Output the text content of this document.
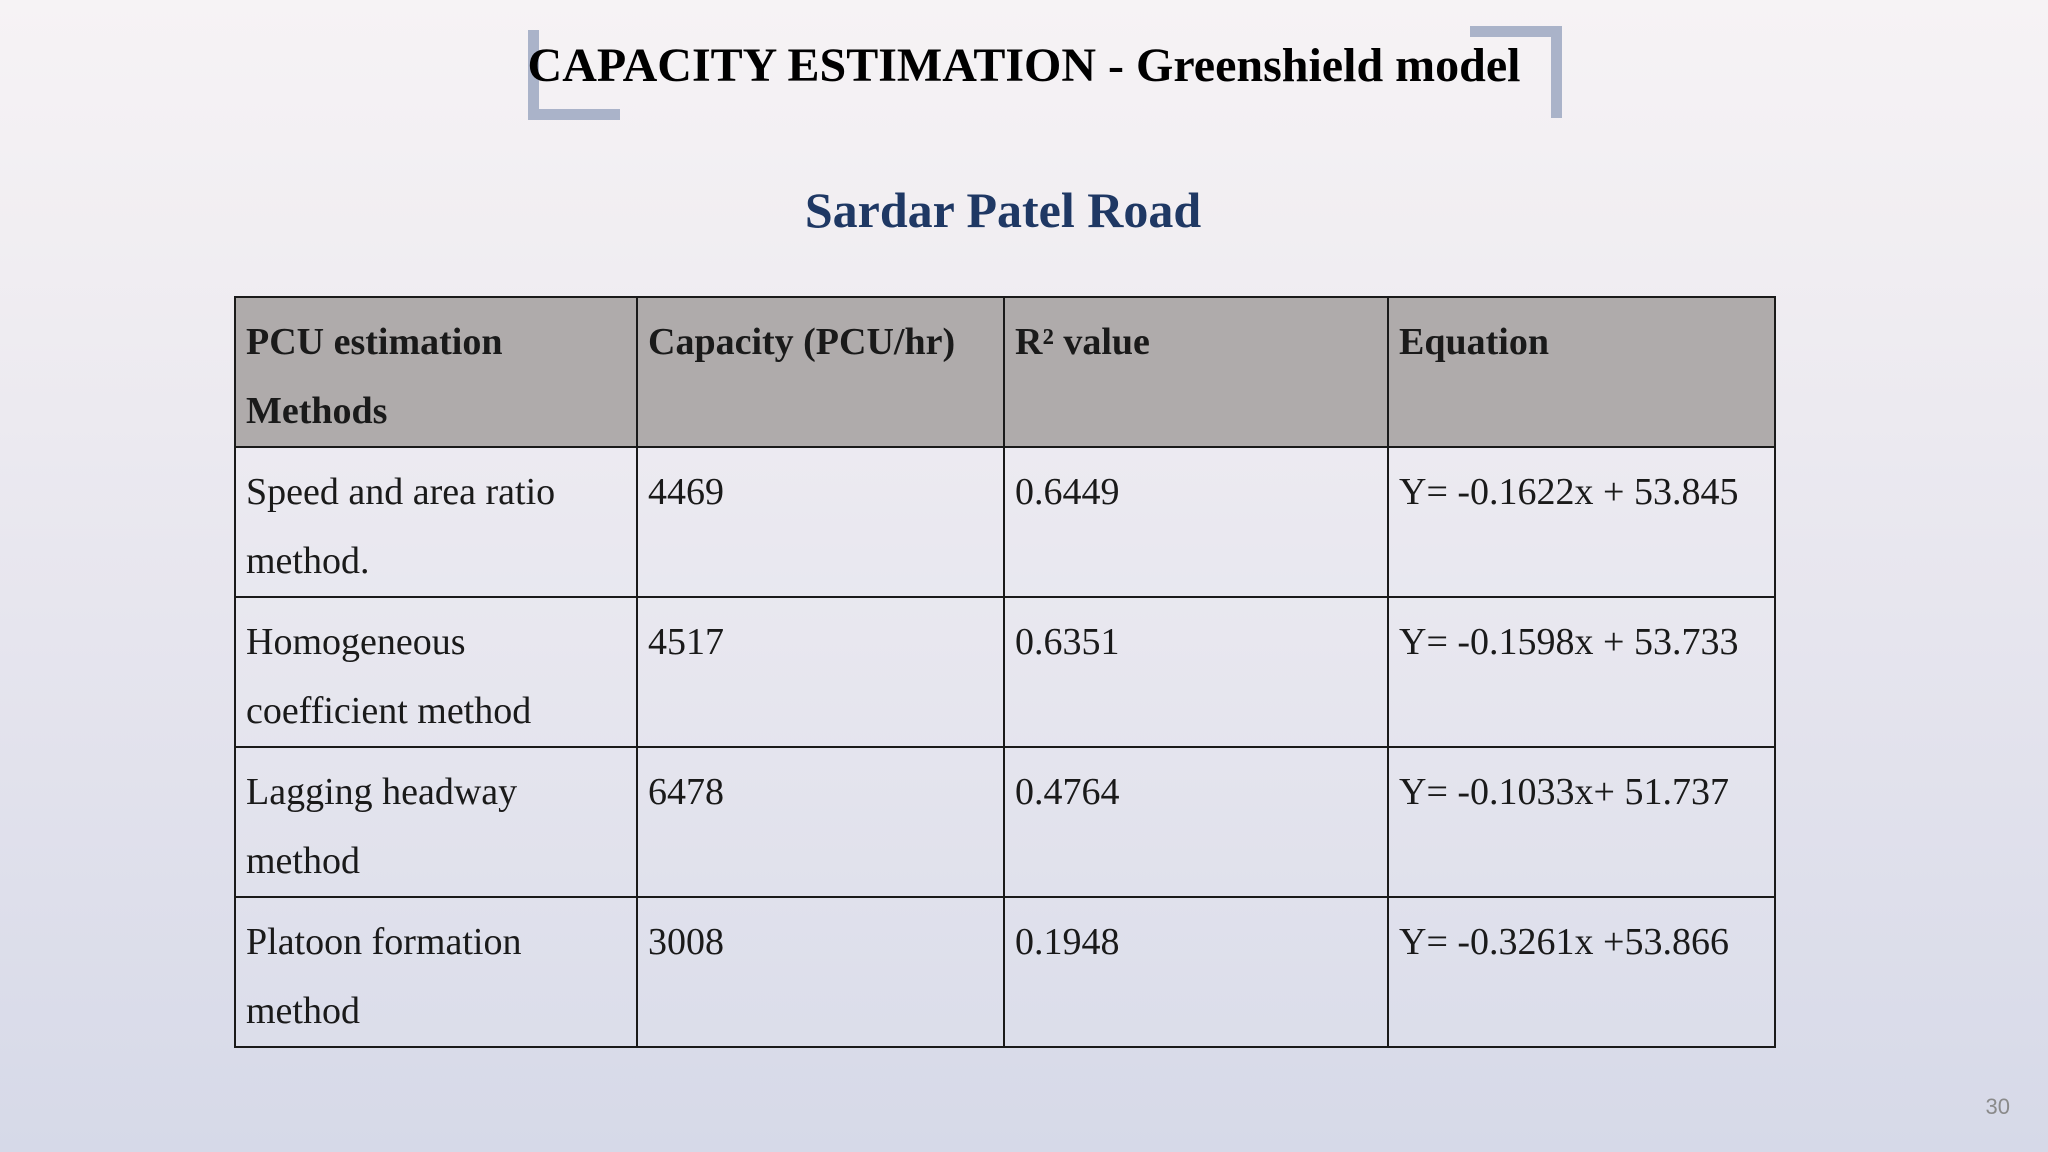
CAPACITY ESTIMATION - Greenshield model
Sardar Patel Road
PCU estimation Methods	Capacity (PCU/hr)	R² value	Equation
Speed and area ratio method.	4469	0.6449	Y= -0.1622x + 53.845
Homogeneous coefficient method	4517	0.6351	Y= -0.1598x + 53.733
Lagging headway method	6478	0.4764	Y= -0.1033x+ 51.737
Platoon formation method	3008	0.1948	Y= -0.3261x +53.866
30
